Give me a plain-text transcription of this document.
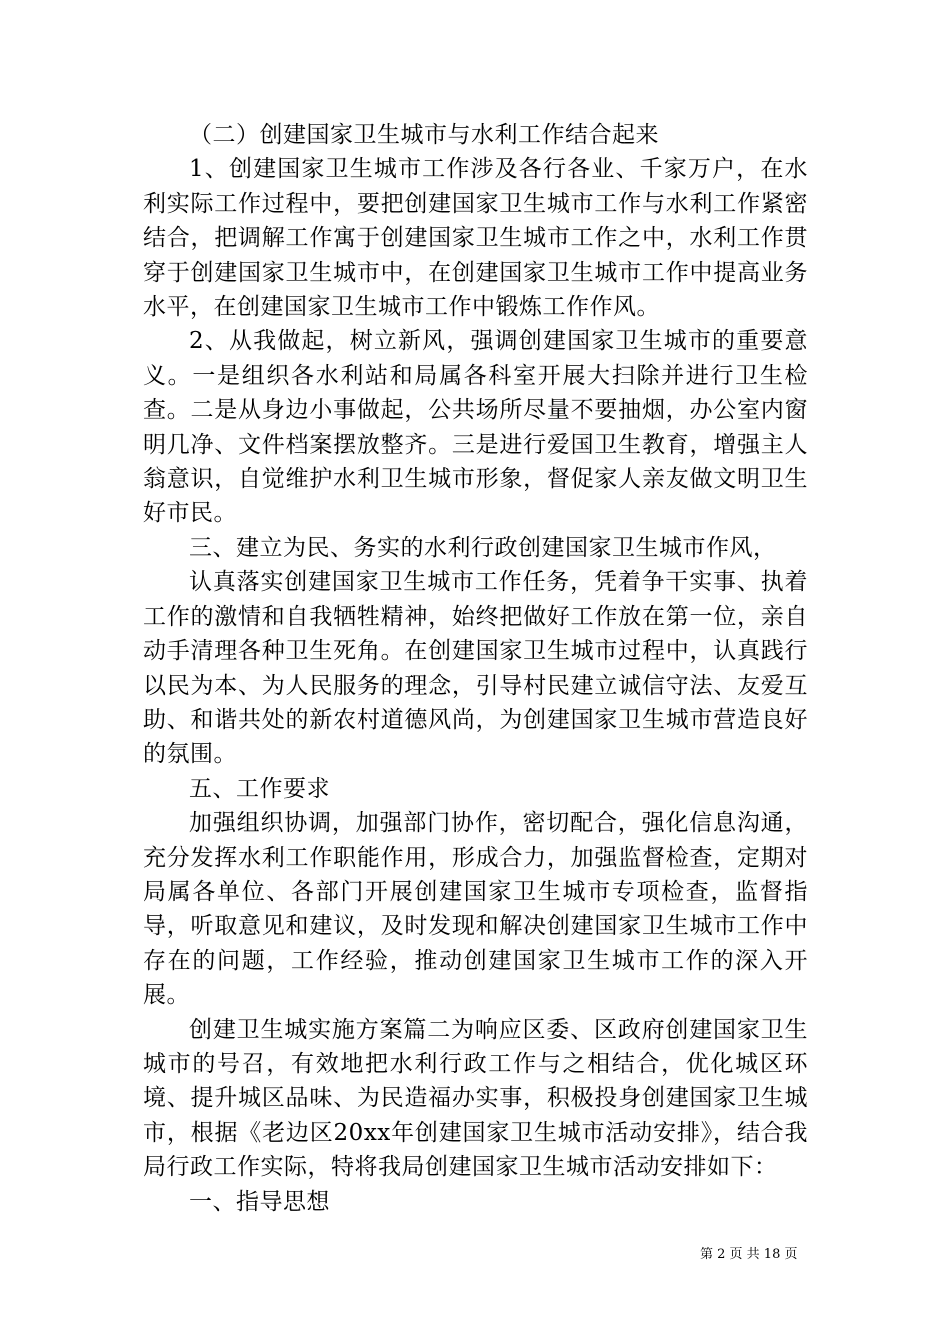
（二）创建国家卫生城市与水利工作结合起来

1、创建国家卫生城市工作涉及各行各业、千家万户，在水利实际工作过程中，要把创建国家卫生城市工作与水利工作紧密结合，把调解工作寓于创建国家卫生城市工作之中，水利工作贯穿于创建国家卫生城市中，在创建国家卫生城市工作中提高业务水平，在创建国家卫生城市工作中锻炼工作作风。

2、从我做起，树立新风，强调创建国家卫生城市的重要意义。一是组织各水利站和局属各科室开展大扫除并进行卫生检查。二是从身边小事做起，公共场所尽量不要抽烟，办公室内窗明几净、文件档案摆放整齐。三是进行爱国卫生教育，增强主人翁意识，自觉维护水利卫生城市形象，督促家人亲友做文明卫生好市民。

三、建立为民、务实的水利行政创建国家卫生城市作风，

认真落实创建国家卫生城市工作任务，凭着争干实事、执着工作的激情和自我牺牲精神，始终把做好工作放在第一位，亲自动手清理各种卫生死角。在创建国家卫生城市过程中，认真践行以民为本、为人民服务的理念，引导村民建立诚信守法、友爱互助、和谐共处的新农村道德风尚，为创建国家卫生城市营造良好的氛围。

五、工作要求

加强组织协调，加强部门协作，密切配合，强化信息沟通，充分发挥水利工作职能作用，形成合力，加强监督检查，定期对局属各单位、各部门开展创建国家卫生城市专项检查，监督指导，听取意见和建议，及时发现和解决创建国家卫生城市工作中存在的问题，工作经验，推动创建国家卫生城市工作的深入开展。

创建卫生城实施方案篇二为响应区委、区政府创建国家卫生城市的号召，有效地把水利行政工作与之相结合，优化城区环境、提升城区品味、为民造福办实事，积极投身创建国家卫生城市，根据《老边区20xx年创建国家卫生城市活动安排》，结合我局行政工作实际，特将我局创建国家卫生城市活动安排如下：

一、指导思想

第 2 页 共 18 页
